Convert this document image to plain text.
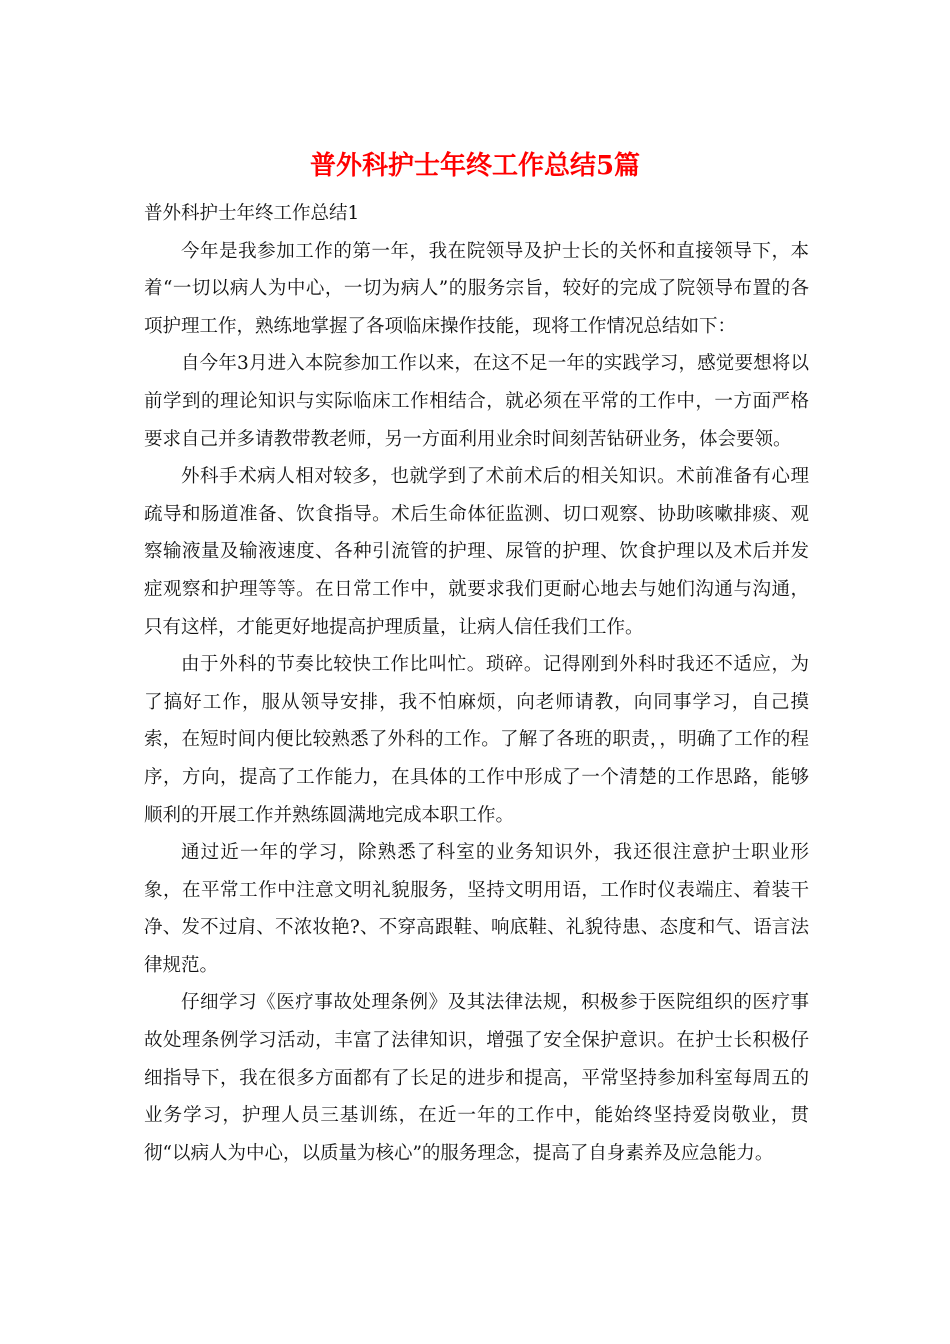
普外科护士年终工作总结5篇

普外科护士年终工作总结1

今年是我参加工作的第一年，我在院领导及护士长的关怀和直接领导下，本着“一切以病人为中心，一切为病人”的服务宗旨，较好的完成了院领导布置的各项护理工作，熟练地掌握了各项临床操作技能，现将工作情况总结如下：

自今年3月进入本院参加工作以来，在这不足一年的实践学习，感觉要想将以前学到的理论知识与实际临床工作相结合，就必须在平常的工作中，一方面严格要求自己并多请教带教老师，另一方面利用业余时间刻苦钻研业务，体会要领。

外科手术病人相对较多，也就学到了术前术后的相关知识。术前准备有心理疏导和肠道准备、饮食指导。术后生命体征监测、切口观察、协助咳嗽排痰、观察输液量及输液速度、各种引流管的护理、尿管的护理、饮食护理以及术后并发症观察和护理等等。在日常工作中，就要求我们更耐心地去与她们沟通与沟通，只有这样，才能更好地提高护理质量，让病人信任我们工作。

由于外科的节奏比较快工作比叫忙。琐碎。记得刚到外科时我还不适应，为了搞好工作，服从领导安排，我不怕麻烦，向老师请教，向同事学习，自己摸索，在短时间内便比较熟悉了外科的工作。了解了各班的职责，，明确了工作的程序，方向，提高了工作能力，在具体的工作中形成了一个清楚的工作思路，能够顺利的开展工作并熟练圆满地完成本职工作。

通过近一年的学习，除熟悉了科室的业务知识外，我还很注意护士职业形象，在平常工作中注意文明礼貌服务，坚持文明用语，工作时仪表端庄、着装干净、发不过肩、不浓妆艳?、不穿高跟鞋、响底鞋、礼貌待患、态度和气、语言法律规范。

仔细学习《医疗事故处理条例》及其法律法规，积极参于医院组织的医疗事故处理条例学习活动，丰富了法律知识，增强了安全保护意识。在护士长积极仔细指导下，我在很多方面都有了长足的进步和提高，平常坚持参加科室每周五的业务学习，护理人员三基训练，在近一年的工作中，能始终坚持爱岗敬业，贯彻“以病人为中心，以质量为核心”的服务理念，提高了自身素养及应急能力。
